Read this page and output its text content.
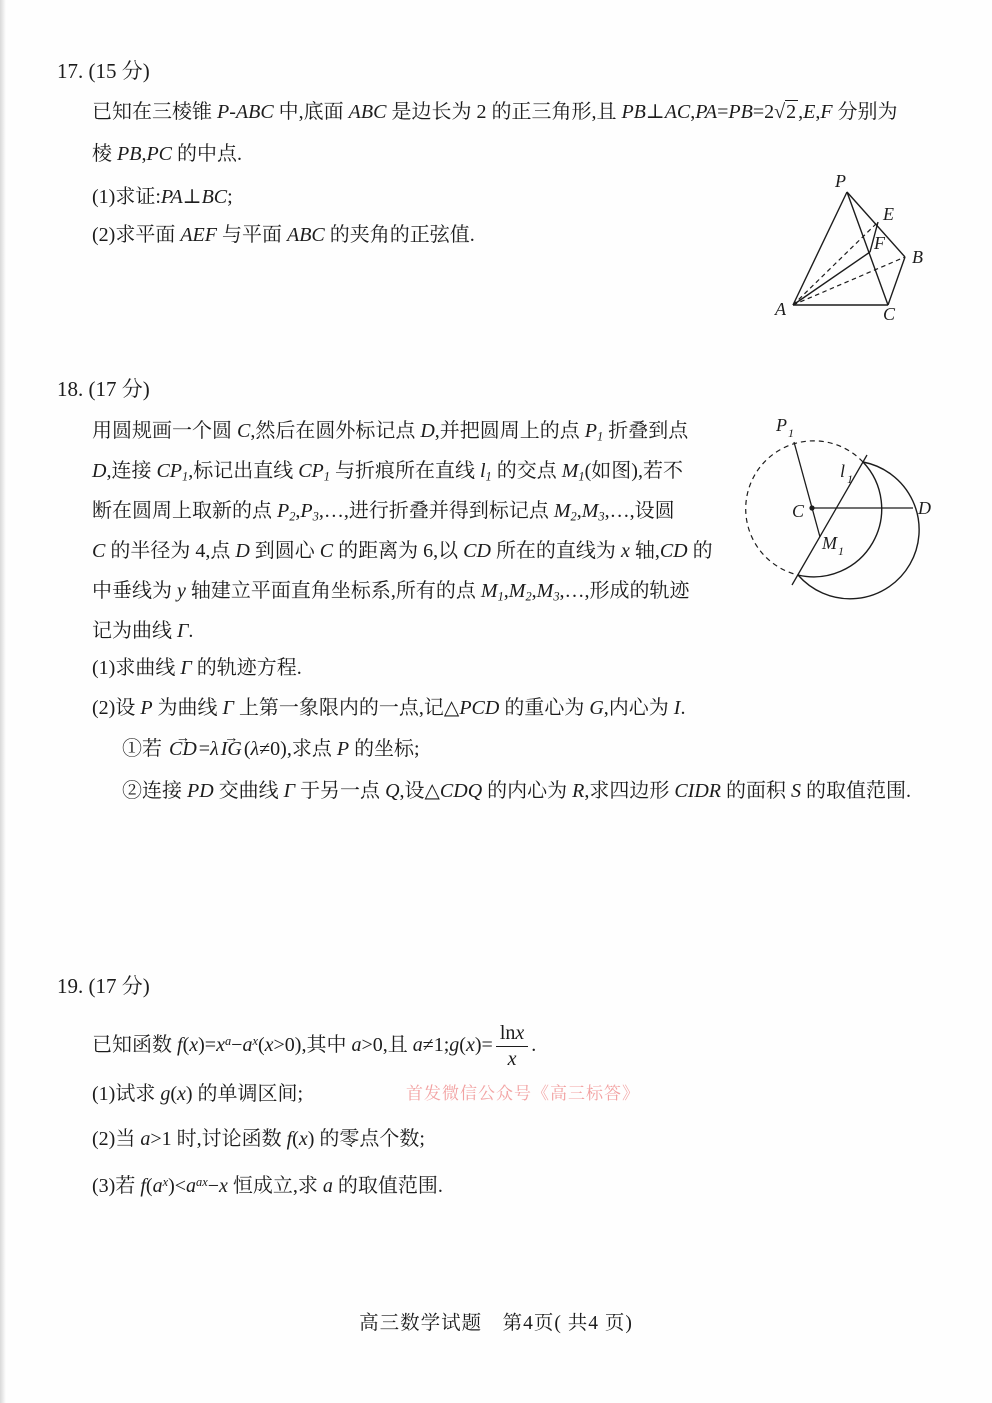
17. (15 分)
已知在三棱锥 P-ABC 中,底面 ABC 是边长为 2 的正三角形,且 PB⊥AC,PA=PB=2√2 ,E,F 分别为
棱 PB,PC 的中点.
(1)求证:PA⊥BC;
(2)求平面 AEF 与平面 ABC 的夹角的正弦值.
P
E
F
B
A	C
18. (17 分)
用圆规画一个圆 C,然后在圆外标记点 D,并把圆周上的点 P1 折叠到点
D,连接 CP1,标记出直线 CP1 与折痕所在直线 l1 的交点 M1(如图),若不
断在圆周上取新的点 P2,P3,…,进行折叠并得到标记点 M2,M3,…,设圆
C 的半径为 4,点 D 到圆心 C 的距离为 6,以 CD 所在的直线为 x 轴,CD 的
中垂线为 y 轴建立平面直角坐标系,所有的点 M1,M2,M3,…,形成的轨迹
记为曲线 Γ.
(1)求曲线 Γ 的轨迹方程.
(2)设 P 为曲线 Γ 上第一象限内的一点,记△PCD 的重心为 G,内心为 I.
①若 CD → =λ IG → (λ≠0),求点 P 的坐标;
②连接 PD 交曲线 Γ 于另一点 Q,设△CDQ 的内心为 R,求四边形 CIDR 的面积 S 的取值范围.
P 1
l 1
C
M 1
D
19. (17 分)
已知函数 $f(x)=x^a-a^x(x>0)$,其中 a>0,且 a≠1;g(x)= $\frac{\ln x}{x}$ .
(1)试求 g(x) 的单调区间;
(2)当 a>1 时,讨论函数 f(x) 的零点个数;
(3)若 $f(a^x)<a^{ax}-x$ 恒成立,求 a 的取值范围.
首发微信公众号《高三标答》
高三数学试题　第4页( 共4 页)
